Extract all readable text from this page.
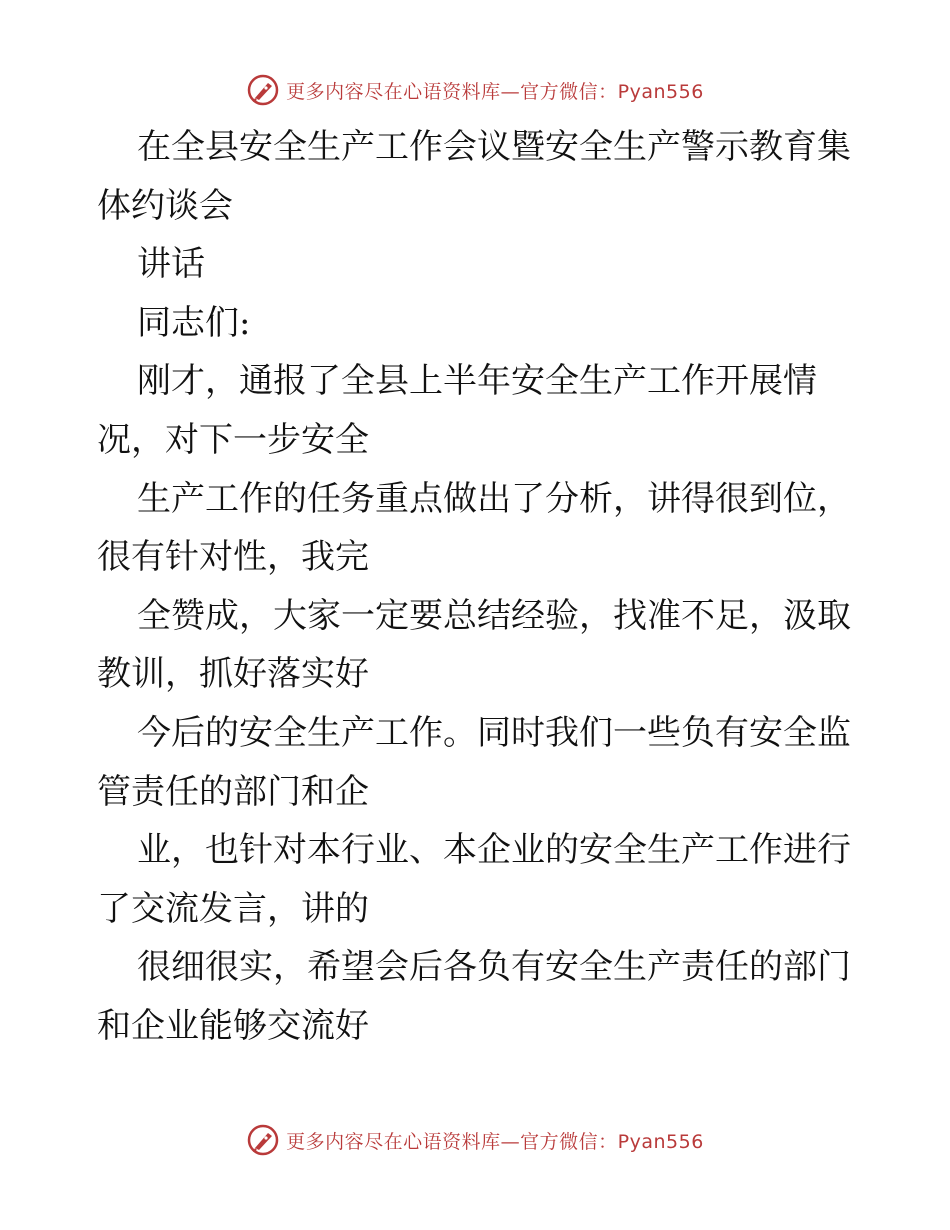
更多内容尽在心语资料库—官方微信：Pyan556
在全县安全生产工作会议暨安全生产警示教育集
体约谈会
讲话
同志们:
刚才，通报了全县上半年安全生产工作开展情
况，对下一步安全
生产工作的任务重点做出了分析，讲得很到位，
很有针对性，我完
全赞成，大家一定要总结经验，找准不足，汲取
教训，抓好落实好
今后的安全生产工作。同时我们一些负有安全监
管责任的部门和企
业，也针对本行业、本企业的安全生产工作进行
了交流发言，讲的
很细很实，希望会后各负有安全生产责任的部门
和企业能够交流好
更多内容尽在心语资料库—官方微信：Pyan556
